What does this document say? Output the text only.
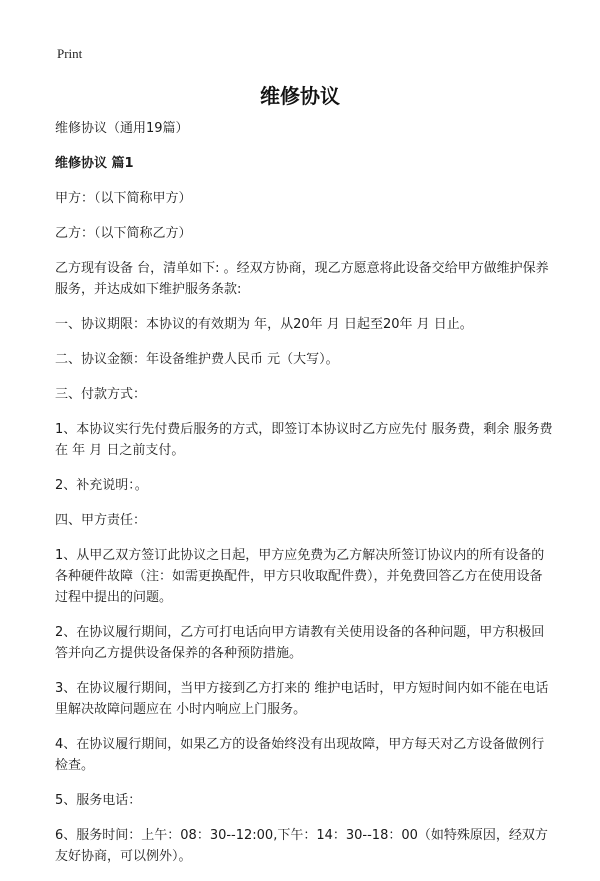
Print
维修协议

维修协议（通用19篇）

维修协议 篇1

甲方：（以下简称甲方）

乙方：（以下简称乙方）

乙方现有设备 台，清单如下: 。经双方协商，现乙方愿意将此设备交给甲方做维护保养服务，并达成如下维护服务条款:

一、协议期限：本协议的有效期为 年，从20年 月 日起至20年 月 日止。

二、协议金额：年设备维护费人民币 元（大写）。

三、付款方式：

1、本协议实行先付费后服务的方式，即签订本协议时乙方应先付 服务费，剩余 服务费在 年 月 日之前支付。

2、补充说明：。

四、甲方责任：

1、从甲乙双方签订此协议之日起，甲方应免费为乙方解决所签订协议内的所有设备的各种硬件故障（注：如需更换配件，甲方只收取配件费），并免费回答乙方在使用设备过程中提出的问题。

2、在协议履行期间，乙方可打电话向甲方请教有关使用设备的各种问题，甲方积极回答并向乙方提供设备保养的各种预防措施。

3、在协议履行期间，当甲方接到乙方打来的 维护电话时，甲方短时间内如不能在电话里解决故障问题应在 小时内响应上门服务。

4、在协议履行期间，如果乙方的设备始终没有出现故障，甲方每天对乙方设备做例行检查。

5、服务电话：

6、服务时间：上午：08：30--12:00,下午：14：30--18：00（如特殊原因，经双方友好协商，可以例外）。
